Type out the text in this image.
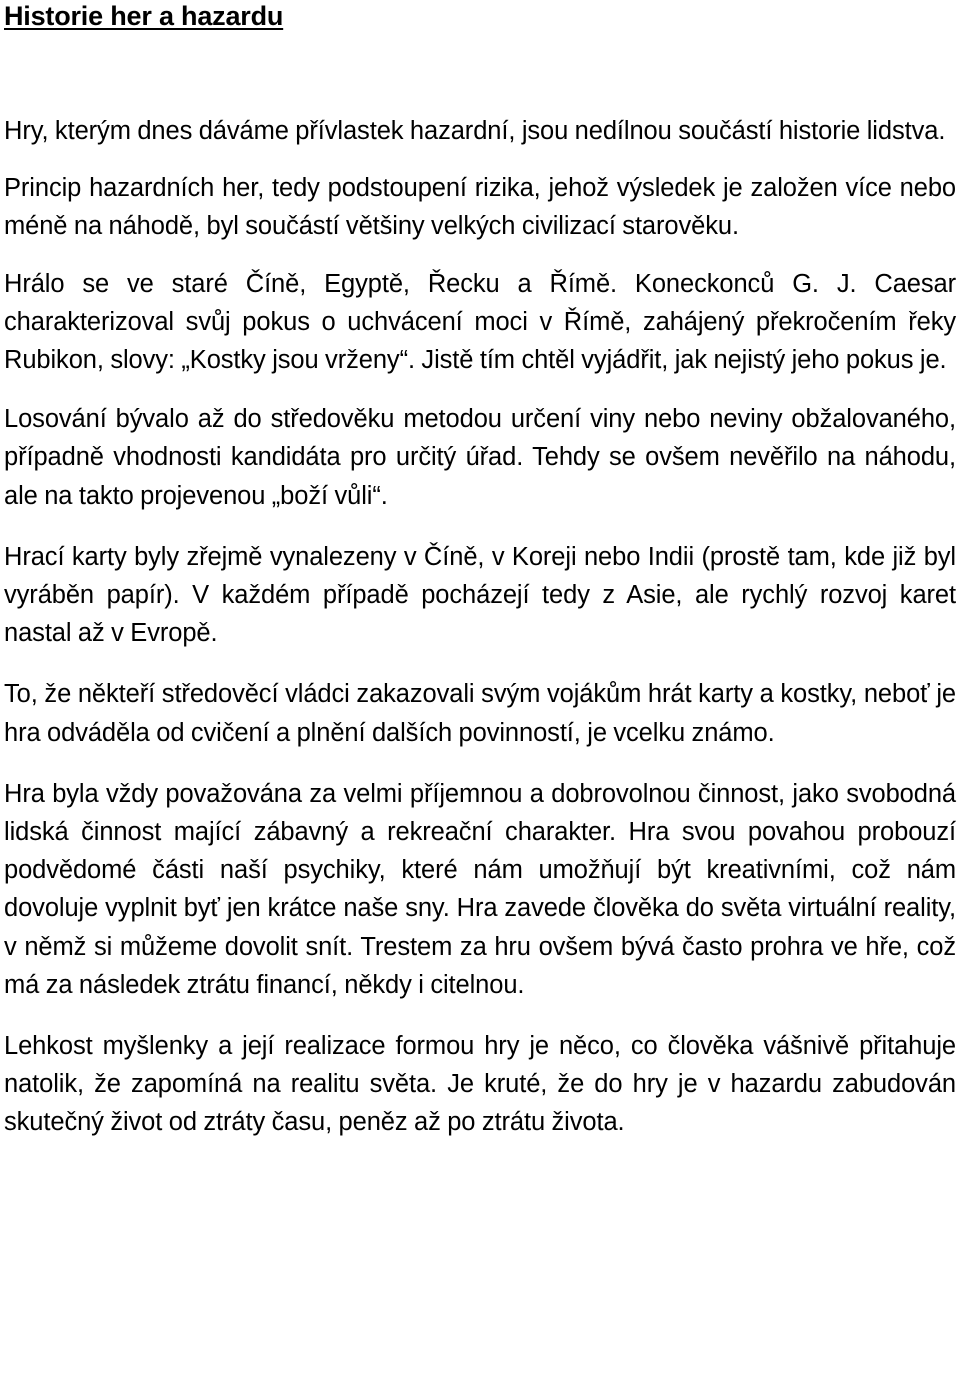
Historie her a hazardu

Hry, kterým dnes dáváme přívlastek hazardní, jsou nedílnou součástí historie lidstva.

Princip hazardních her, tedy podstoupení rizika, jehož výsledek je založen více nebo méně na náhodě, byl součástí většiny velkých civilizací starověku.

Hrálo se ve staré Číně, Egyptě, Řecku a Římě. Koneckonců G. J. Caesar charakterizoval svůj pokus o uchvácení moci v Římě, zahájený překročením řeky Rubikon, slovy: „Kostky jsou vrženy“. Jistě tím chtěl vyjádřit, jak nejistý jeho pokus je.

Losování bývalo až do středověku metodou určení viny nebo neviny obžalovaného, případně vhodnosti kandidáta pro určitý úřad. Tehdy se ovšem nevěřilo na náhodu, ale na takto projevenou „boží vůli“.

Hrací karty byly zřejmě vynalezeny v Číně, v Koreji nebo Indii (prostě tam, kde již byl vyráběn papír). V každém případě pocházejí tedy z Asie, ale rychlý rozvoj karet nastal až v Evropě.

To, že někteří středověcí vládci zakazovali svým vojákům hrát karty a kostky, neboť je hra odváděla od cvičení a plnění dalších povinností, je vcelku známo.

Hra byla vždy považována za velmi příjemnou a dobrovolnou činnost, jako svobodná lidská činnost mající zábavný a rekreační charakter. Hra svou povahou probouzí podvědomé části naší psychiky, které nám umožňují být kreativními, což nám dovoluje vyplnit byť jen krátce naše sny. Hra zavede člověka do světa virtuální reality, v němž si můžeme dovolit snít. Trestem za hru ovšem bývá často prohra ve hře, což má za následek ztrátu financí, někdy i citelnou.

Lehkost myšlenky a její realizace formou hry je něco, co člověka vášnivě přitahuje natolik, že zapomíná na realitu světa. Je kruté, že do hry je v hazardu zabudován skutečný život od ztráty času, peněz až po ztrátu života.
